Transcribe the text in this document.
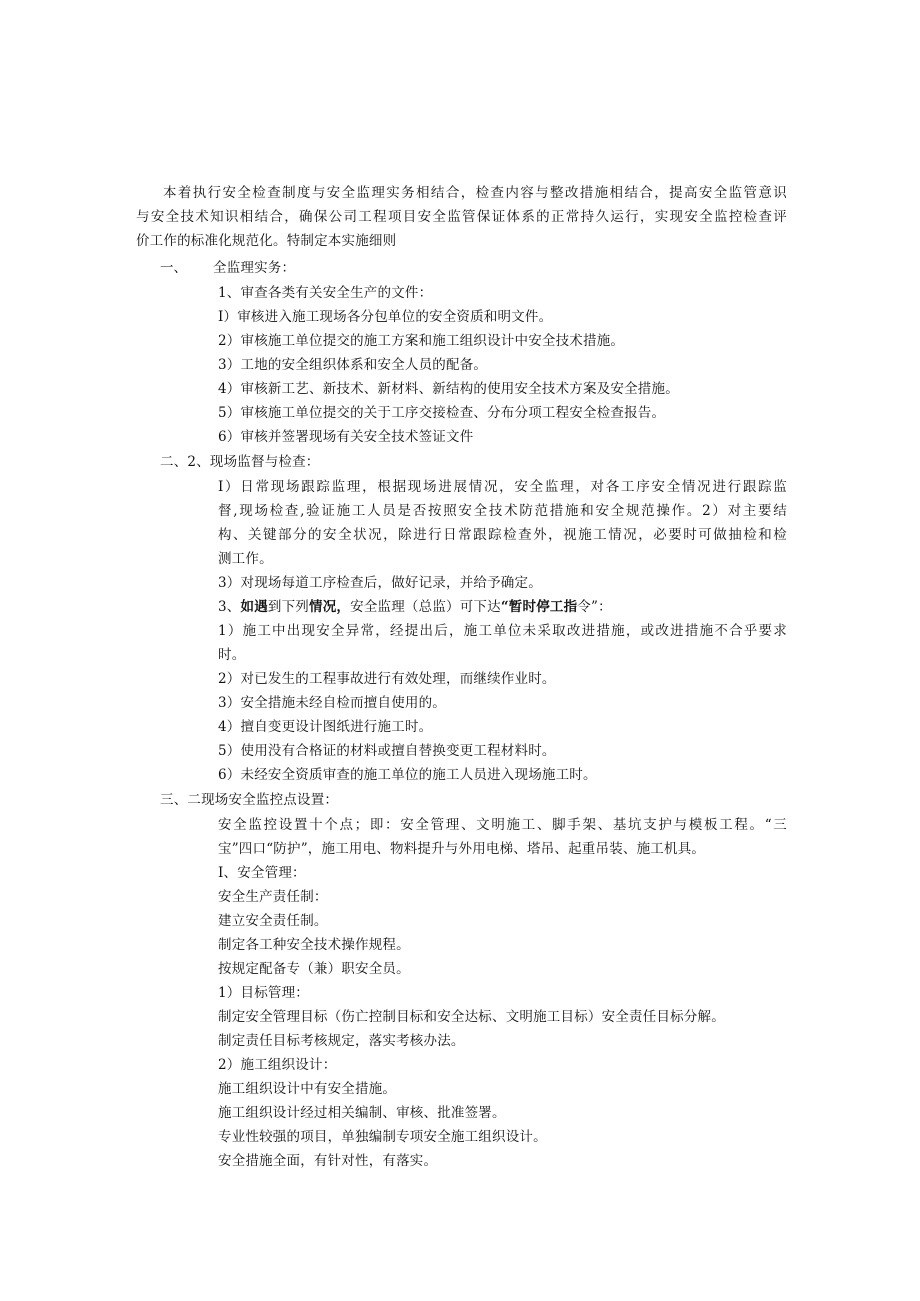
本着执行安全检查制度与安全监理实务相结合，检查内容与整改措施相结合，提高安全监管意识
与安全技术知识相结合，确保公司工程项目安全监管保证体系的正常持久运行，实现安全监控检查评
价工作的标准化规范化。特制定本实施细则
一、 全监理实务：
1、审查各类有关安全生产的文件：
I）审核进入施工现场各分包单位的安全资质和明文件。
2）审核施工单位提交的施工方案和施工组织设计中安全技术措施。
3）工地的安全组织体系和安全人员的配备。
4）审核新工艺、新技术、新材料、新结构的使用安全技术方案及安全措施。
5）审核施工单位提交的关于工序交接检查、分布分项工程安全检查报告。
6）审核并签署现场有关安全技术签证文件
二、2、现场监督与检查：
I）日常现场跟踪监理，根据现场进展情况，安全监理，对各工序安全情况进行跟踪监
督,现场检查,验证施工人员是否按照安全技术防范措施和安全规范操作。2）对主要结
构、关键部分的安全状况，除进行日常跟踪检查外，视施工情况，必要时可做抽检和检
测工作。
3）对现场每道工序检查后，做好记录，并给予确定。
3、如遇到下列情况，安全监理（总监）可下达“暂时停工指令”：
1）施工中出现安全异常，经提出后，施工单位未采取改进措施，或改进措施不合乎要求
时。
2）对已发生的工程事故进行有效处理，而继续作业时。
3）安全措施未经自检而擅自使用的。
4）擅自变更设计图纸进行施工时。
5）使用没有合格证的材料或擅自替换变更工程材料时。
6）未经安全资质审查的施工单位的施工人员进入现场施工时。
三、二现场安全监控点设置：
安全监控设置十个点；即：安全管理、文明施工、脚手架、基坑支护与模板工程。“三
宝”四口“防护”，施工用电、物料提升与外用电梯、塔吊、起重吊装、施工机具。
I、安全管理：
安全生产责任制：
建立安全责任制。
制定各工种安全技术操作规程。
按规定配备专（兼）职安全员。
1）目标管理：
制定安全管理目标（伤亡控制目标和安全达标、文明施工目标）安全责任目标分解。
制定责任目标考核规定，落实考核办法。
2）施工组织设计：
施工组织设计中有安全措施。
施工组织设计经过相关编制、审核、批准签署。
专业性较强的项目，单独编制专项安全施工组织设计。
安全措施全面，有针对性，有落实。
